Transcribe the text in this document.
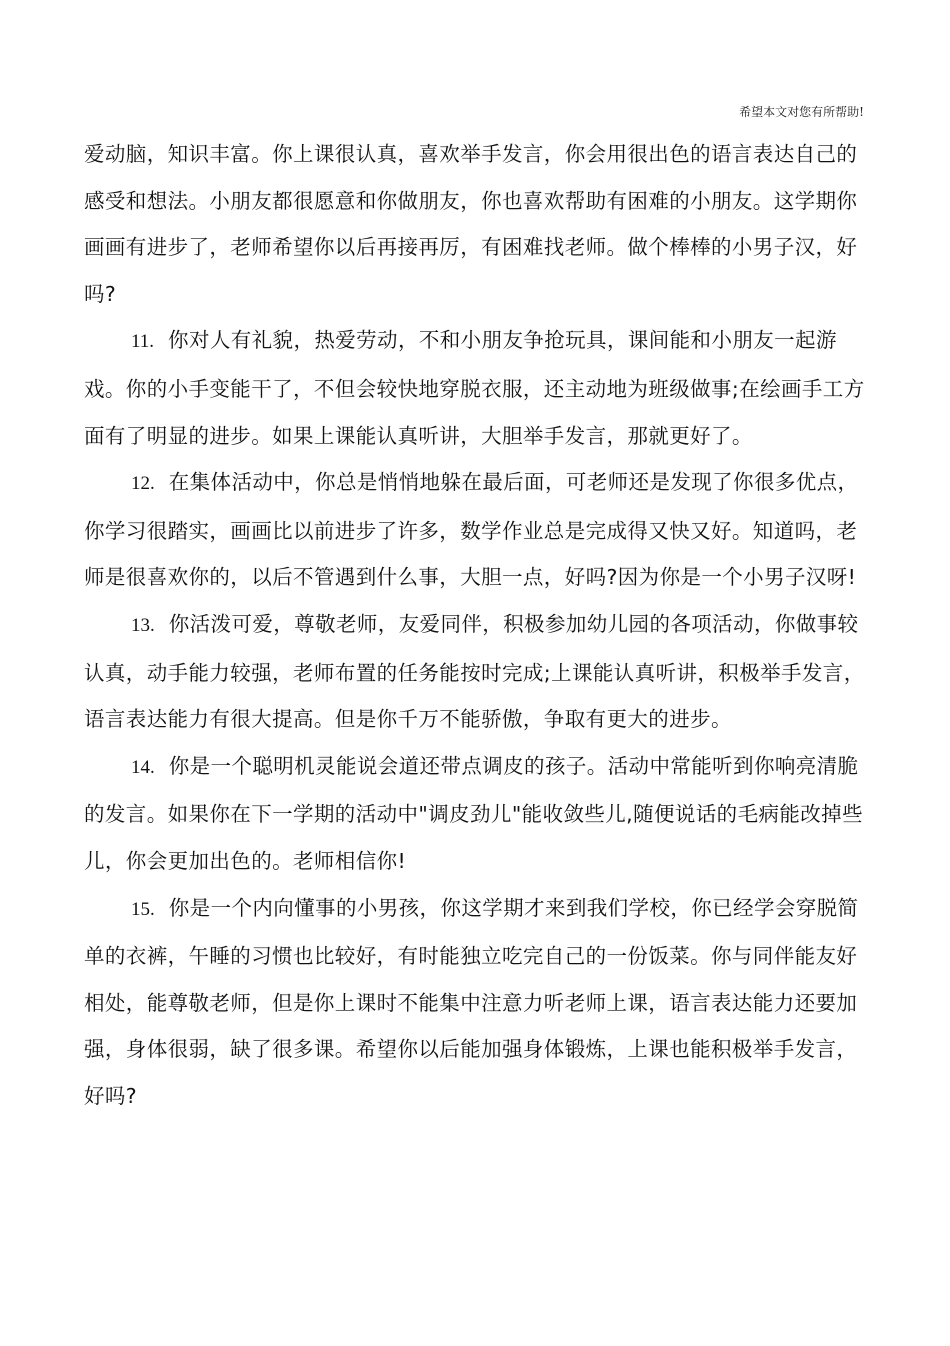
希望本文对您有所帮助!

爱动脑，知识丰富。你上课很认真，喜欢举手发言，你会用很出色的语言表达自己的感受和想法。小朋友都很愿意和你做朋友，你也喜欢帮助有困难的小朋友。这学期你画画有进步了，老师希望你以后再接再厉，有困难找老师。做个棒棒的小男子汉，好吗?

11. 你对人有礼貌，热爱劳动，不和小朋友争抢玩具，课间能和小朋友一起游戏。你的小手变能干了，不但会较快地穿脱衣服，还主动地为班级做事;在绘画手工方面有了明显的进步。如果上课能认真听讲，大胆举手发言，那就更好了。

12. 在集体活动中，你总是悄悄地躲在最后面，可老师还是发现了你很多优点，你学习很踏实，画画比以前进步了许多，数学作业总是完成得又快又好。知道吗，老师是很喜欢你的，以后不管遇到什么事，大胆一点，好吗?因为你是一个小男子汉呀!

13. 你活泼可爱，尊敬老师，友爱同伴，积极参加幼儿园的各项活动，你做事较认真，动手能力较强，老师布置的任务能按时完成;上课能认真听讲，积极举手发言，语言表达能力有很大提高。但是你千万不能骄傲，争取有更大的进步。

14. 你是一个聪明机灵能说会道还带点调皮的孩子。活动中常能听到你响亮清脆的发言。如果你在下一学期的活动中"调皮劲儿"能收敛些儿,随便说话的毛病能改掉些儿，你会更加出色的。老师相信你!

15. 你是一个内向懂事的小男孩，你这学期才来到我们学校，你已经学会穿脱简单的衣裤，午睡的习惯也比较好，有时能独立吃完自己的一份饭菜。你与同伴能友好相处，能尊敬老师，但是你上课时不能集中注意力听老师上课，语言表达能力还要加强，身体很弱，缺了很多课。希望你以后能加强身体锻炼，上课也能积极举手发言，好吗?
